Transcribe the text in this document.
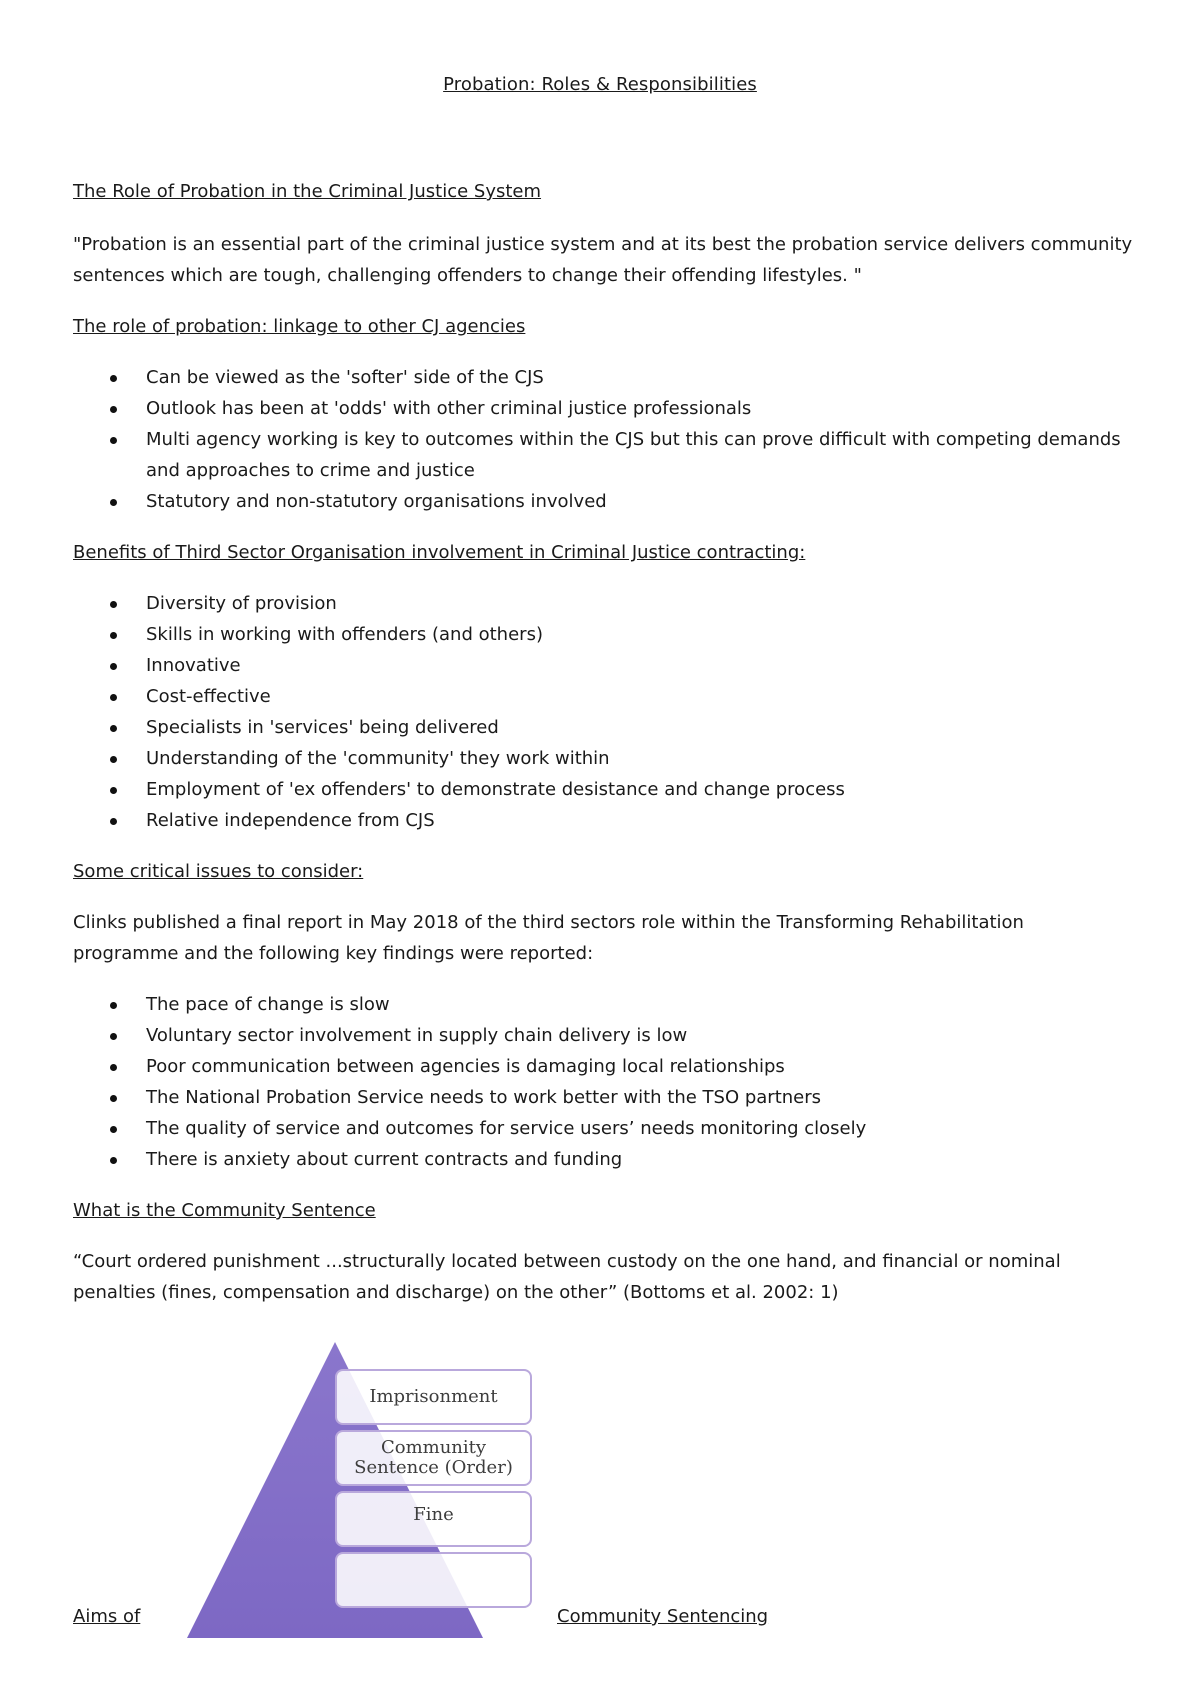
Probation: Roles & Responsibilities

The Role of Probation in the Criminal Justice System

"Probation is an essential part of the criminal justice system and at its best the probation service delivers community sentences which are tough, challenging offenders to change their offending lifestyles. "

The role of probation: linkage to other CJ agencies

Can be viewed as the 'softer' side of the CJS
Outlook has been at 'odds' with other criminal justice professionals
Multi agency working is key to outcomes within the CJS but this can prove difficult with competing demands and approaches to crime and justice
Statutory and non-statutory organisations involved

Benefits of Third Sector Organisation involvement in Criminal Justice contracting:

Diversity of provision
Skills in working with offenders (and others)
Innovative
Cost-effective
Specialists in 'services' being delivered
Understanding of the 'community' they work within
Employment of 'ex offenders' to demonstrate desistance and change process
Relative independence from CJS

Some critical issues to consider:

Clinks published a final report in May 2018 of the third sectors role within the Transforming Rehabilitation programme and the following key findings were reported:

The pace of change is slow
Voluntary sector involvement in supply chain delivery is low
Poor communication between agencies is damaging local relationships
The National Probation Service needs to work better with the TSO partners
The quality of service and outcomes for service users’ needs monitoring closely
There is anxiety about current contracts and funding

What is the Community Sentence

“Court ordered punishment ...structurally located between custody on the one hand, and financial or nominal penalties (fines, compensation and discharge) on the other” (Bottoms et al. 2002: 1)

Imprisonment
Community
Sentence (Order)
Fine
Aims of	Community Sentencing
